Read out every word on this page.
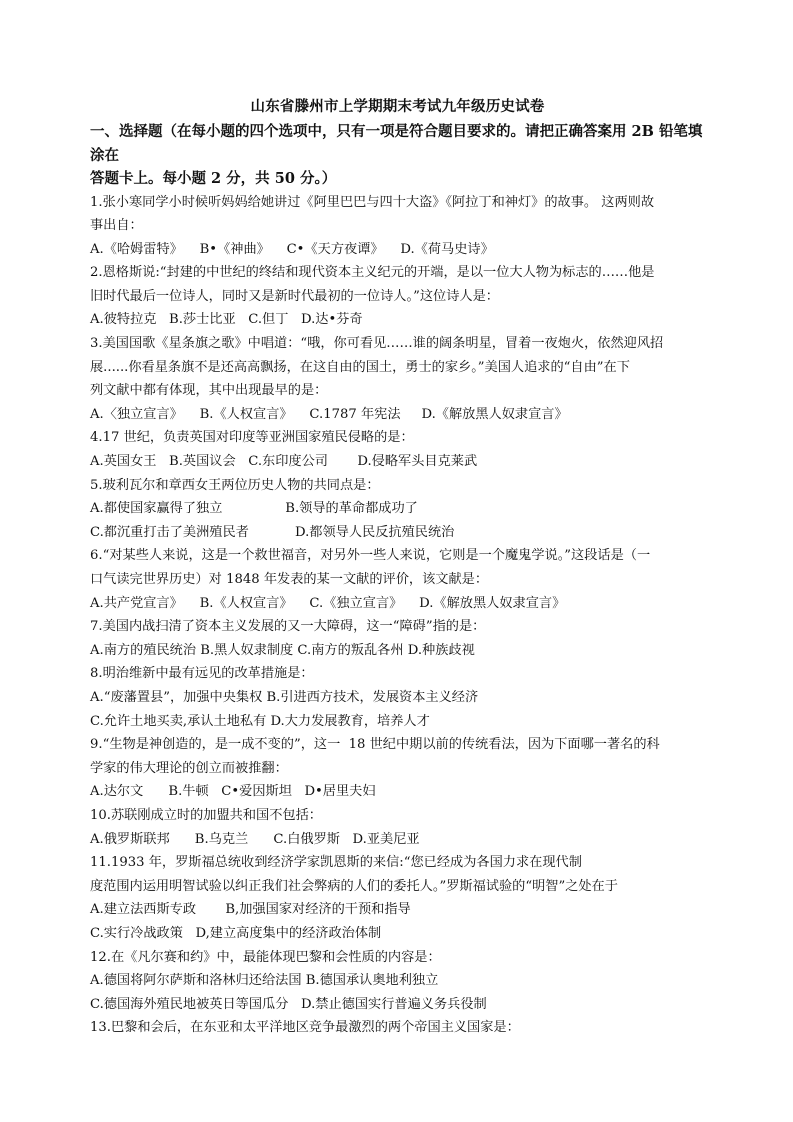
山东省滕州市上学期期末考试九年级历史试卷

一、选择题（在每小题的四个选项中，只有一项是符合题目要求的。请把正确答案用 2B 铅笔填涂在

答题卡上。每小题 2 分，共 50 分。）

1.张小寒同学小时候听妈妈给她讲过《阿里巴巴与四十大盗》《阿拉丁和神灯》的故事。 这两则故

事出自：

A.《哈姆雷特》    B•《神曲》    C•《天方夜谭》    D.《荷马史诗》

2.恩格斯说:“封建的中世纪的终结和现代资本主义纪元的开端，是以一位大人物为标志的……他是

旧时代最后一位诗人，同时又是新时代最初的一位诗人。”这位诗人是：

A.彼特拉克   B.莎士比亚   C.但丁   D.达•芬奇

3.美国国歌《星条旗之歌》中唱道：“哦，你可看见……谁的阔条明星，冒着一夜炮火，依然迎风招

展......你看星条旗不是还高高飘扬，在这自由的国土，勇士的家乡。”美国人追求的“自由”在下

列文献中都有体现，其中出现最早的是：

A.〈独立宣言》    B.《人权宣言》    C.1787 年宪法     D.《解放黑人奴隶宣言》

4.17 世纪，负责英国对印度等亚洲国家殖民侵略的是：

A.英国女王   B.英国议会   C.东印度公司       D.侵略军头目克莱武

5.玻利瓦尔和章西女王两位历史人物的共同点是：

A.都使国家赢得了独立               B.领导的革命都成功了

C.都沉重打击了美洲殖民者           D.都领导人民反抗殖民统治

6.“对某些人来说，这是一个救世福音，对另外一些人来说，它则是一个魔鬼学说。”这段话是（一

口气读完世界历史）对 1848 年发表的某一文献的评价，该文献是：

A.共产党宣言》    B.《人权宣言》    C.《独立宣言》    D.《解放黑人奴隶宣言》

7.美国内战扫清了资本主义发展的又一大障碍，这一“障碍”指的是：

A.南方的殖民统治 B.黑人奴隶制度 C.南方的叛乱各州 D.种族歧视

8.明治维新中最有远见的改革措施是：

A.“废藩置县”，加强中央集权 B.引进西方技术，发展资本主义经济

C.允许土地买卖,承认土地私有 D.大力发展教育，培养人才

9.“生物是神创造的，是一成不变的”，这一  18 世纪中期以前的传统看法，因为下面哪一著名的科

学家的伟大理论的创立而被推翻：

A.达尔文      B.牛顿   C•爱因斯坦   D•居里夫妇

10.苏联刚成立时的加盟共和国不包括：

A.俄罗斯联邦      B.乌克兰      C.白俄罗斯   D.亚美尼亚

11.1933 年，罗斯福总统收到经济学家凯恩斯的来信:“您已经成为各国力求在现代制

度范围内运用明智试验以纠正我们社会弊病的人们的委托人。”罗斯福试验的“明智”之处在于

A.建立法西斯专政       B,加强国家对经济的干预和指导

C.实行冷战政策   D,建立高度集中的经济政治体制

12.在《凡尔赛和约》中，最能体现巴黎和会性质的内容是：

A.德国将阿尔萨斯和洛林归还给法国 B.德国承认奥地利独立

C.德国海外殖民地被英日等国瓜分   D.禁止德国实行普遍义务兵役制

13.巴黎和会后，在东亚和太平洋地区竞争最激烈的两个帝国主义国家是：
